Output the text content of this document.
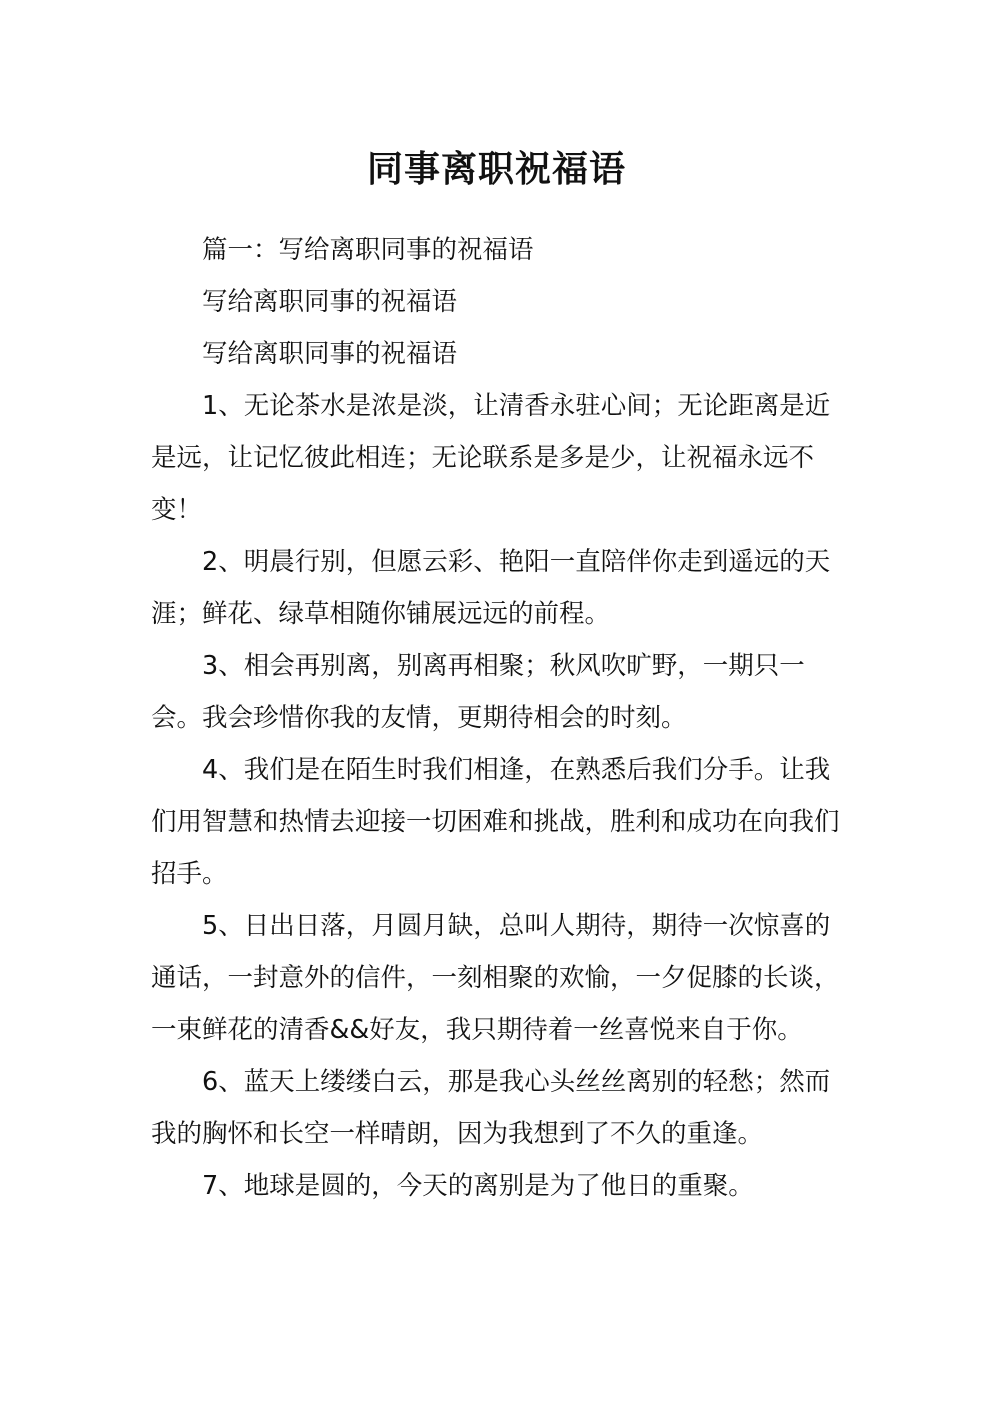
同事离职祝福语

篇一：写给离职同事的祝福语

写给离职同事的祝福语

写给离职同事的祝福语

1、无论茶水是浓是淡，让清香永驻心间；无论距离是近是远，让记忆彼此相连；无论联系是多是少，让祝福永远不变！

2、明晨行别，但愿云彩、艳阳一直陪伴你走到遥远的天涯；鲜花、绿草相随你铺展远远的前程。

3、相会再别离，别离再相聚；秋风吹旷野，一期只一会。我会珍惜你我的友情，更期待相会的时刻。

4、我们是在陌生时我们相逢，在熟悉后我们分手。让我们用智慧和热情去迎接一切困难和挑战，胜利和成功在向我们招手。

5、日出日落，月圆月缺，总叫人期待，期待一次惊喜的通话，一封意外的信件，一刻相聚的欢愉，一夕促膝的长谈，一束鲜花的清香&&好友，我只期待着一丝喜悦来自于你。

6、蓝天上缕缕白云，那是我心头丝丝离别的轻愁；然而我的胸怀和长空一样晴朗，因为我想到了不久的重逢。

7、地球是圆的，今天的离别是为了他日的重聚。
